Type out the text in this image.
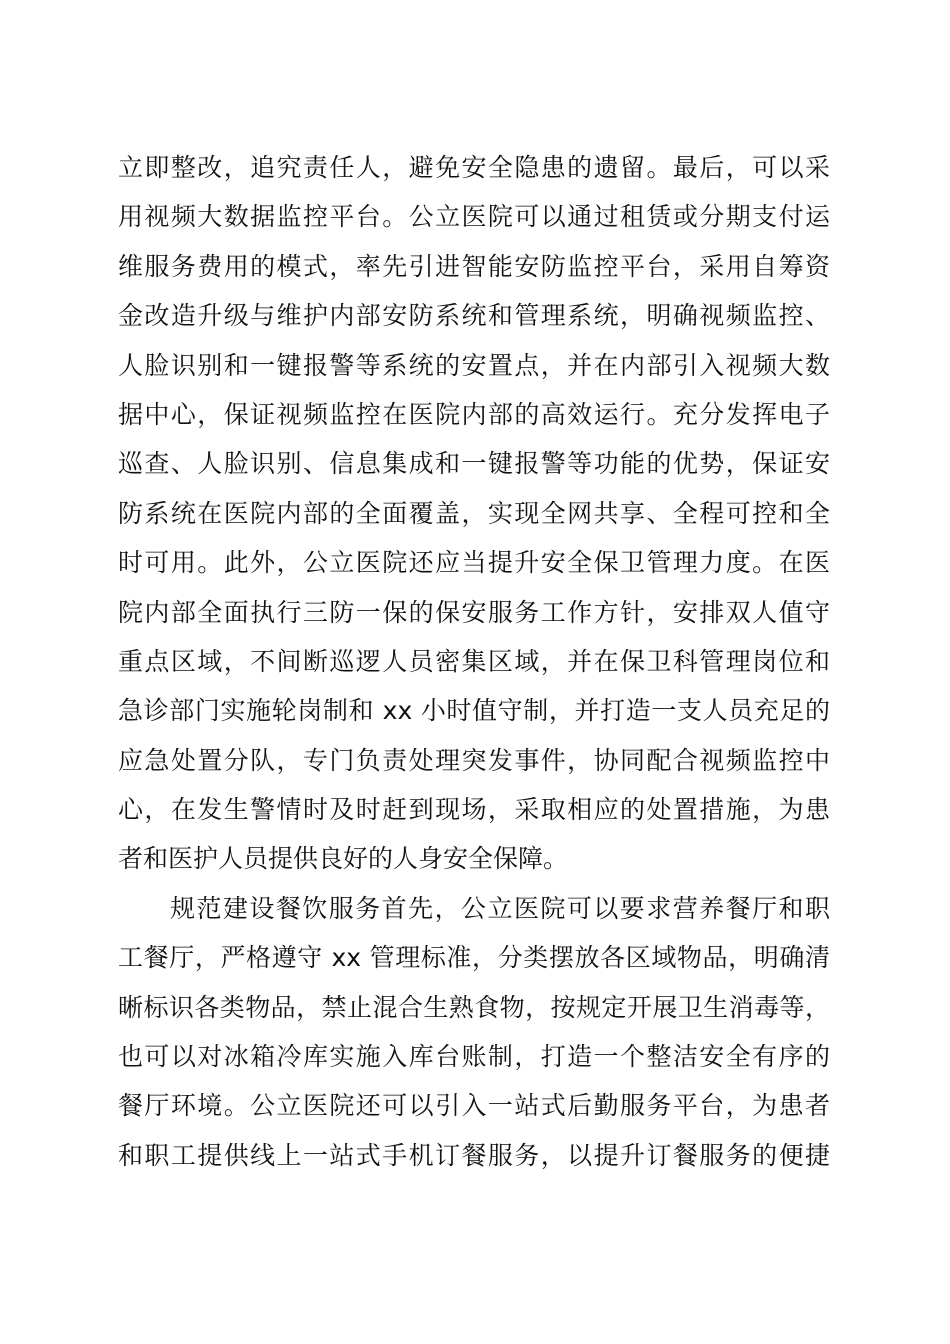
立即整改，追究责任人，避免安全隐患的遗留。最后，可以采
用视频大数据监控平台。公立医院可以通过租赁或分期支付运
维服务费用的模式，率先引进智能安防监控平台，采用自筹资
金改造升级与维护内部安防系统和管理系统，明确视频监控、
人脸识别和一键报警等系统的安置点，并在内部引入视频大数
据中心，保证视频监控在医院内部的高效运行。充分发挥电子
巡查、人脸识别、信息集成和一键报警等功能的优势，保证安
防系统在医院内部的全面覆盖，实现全网共享、全程可控和全
时可用。此外，公立医院还应当提升安全保卫管理力度。在医
院内部全面执行三防一保的保安服务工作方针，安排双人值守
重点区域，不间断巡逻人员密集区域，并在保卫科管理岗位和
急诊部门实施轮岗制和 xx 小时值守制，并打造一支人员充足的
应急处置分队，专门负责处理突发事件，协同配合视频监控中
心，在发生警情时及时赶到现场，采取相应的处置措施，为患
者和医护人员提供良好的人身安全保障。
规范建设餐饮服务首先，公立医院可以要求营养餐厅和职
工餐厅，严格遵守 xx 管理标准，分类摆放各区域物品，明确清
晰标识各类物品，禁止混合生熟食物，按规定开展卫生消毒等，
也可以对冰箱冷库实施入库台账制，打造一个整洁安全有序的
餐厅环境。公立医院还可以引入一站式后勤服务平台，为患者
和职工提供线上一站式手机订餐服务，以提升订餐服务的便捷
